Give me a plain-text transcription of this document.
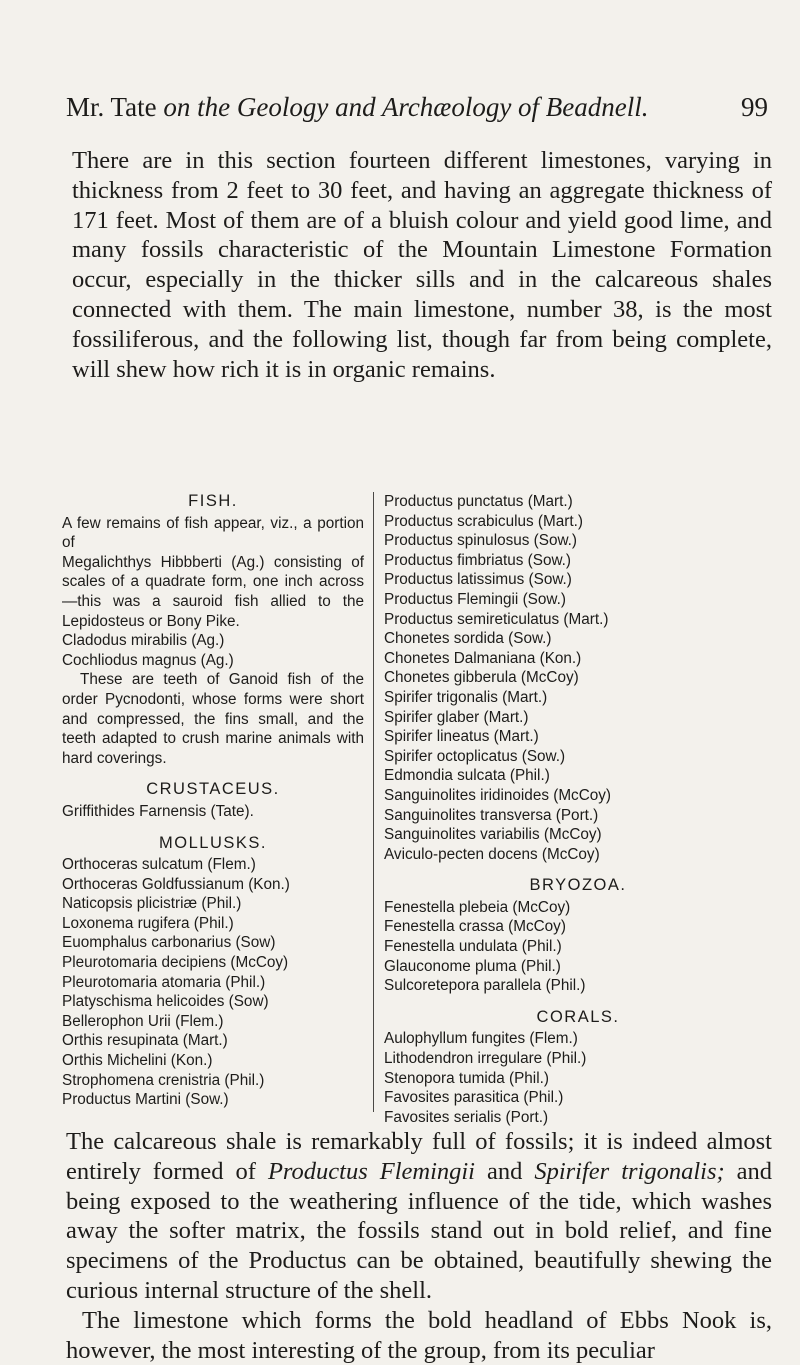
Mr. Tate on the Geology and Archæology of Beadnell.	99

There are in this section fourteen different limestones, varying in thickness from 2 feet to 30 feet, and having an aggregate thickness of 171 feet. Most of them are of a bluish colour and yield good lime, and many fossils characteristic of the Mountain Limestone Formation occur, especially in the thicker sills and in the calcareous shales connected with them. The main limestone, number 38, is the most fossiliferous, and the following list, though far from being complete, will shew how rich it is in organic remains.

FISH.

A few remains of fish appear, viz., a portion of

Megalichthys Hibbberti (Ag.) consisting of scales of a quadrate form, one inch across—this was a sauroid fish allied to the Lepidosteus or Bony Pike.

Cladodus mirabilis (Ag.)
Cochliodus magnus (Ag.)

These are teeth of Ganoid fish of the order Pycnodonti, whose forms were short and compressed, the fins small, and the teeth adapted to crush marine animals with hard coverings.

CRUSTACEUS.
Griffithides Farnensis (Tate).
MOLLUSKS.
Orthoceras sulcatum (Flem.)
Orthoceras Goldfussianum (Kon.)
Naticopsis plicistriæ (Phil.)
Loxonema rugifera (Phil.)
Euomphalus carbonarius (Sow)
Pleurotomaria decipiens (McCoy)
Pleurotomaria atomaria (Phil.)
Platyschisma helicoides (Sow)
Bellerophon Urii (Flem.)
Orthis resupinata (Mart.)
Orthis Michelini (Kon.)
Strophomena crenistria (Phil.)
Productus Martini (Sow.)
Productus punctatus (Mart.)
Productus scrabiculus (Mart.)
Productus spinulosus (Sow.)
Productus fimbriatus (Sow.)
Productus latissimus (Sow.)
Productus Flemingii (Sow.)
Productus semireticulatus (Mart.)
Chonetes sordida (Sow.)
Chonetes Dalmaniana (Kon.)
Chonetes gibberula (McCoy)
Spirifer trigonalis (Mart.)
Spirifer glaber (Mart.)
Spirifer lineatus (Mart.)
Spirifer octoplicatus (Sow.)
Edmondia sulcata (Phil.)
Sanguinolites iridinoides (McCoy)
Sanguinolites transversa (Port.)
Sanguinolites variabilis (McCoy)
Aviculo-pecten docens (McCoy)
BRYOZOA.
Fenestella plebeia (McCoy)
Fenestella crassa (McCoy)
Fenestella undulata (Phil.)
Glauconome pluma (Phil.)
Sulcoretepora parallela (Phil.)
CORALS.
Aulophyllum fungites (Flem.)
Lithodendron irregulare (Phil.)
Stenopora tumida (Phil.)
Favosites parasitica (Phil.)
Favosites serialis (Port.)

The calcareous shale is remarkably full of fossils; it is indeed almost entirely formed of Productus Flemingii and Spirifer trigonalis; and being exposed to the weathering influence of the tide, which washes away the softer matrix, the fossils stand out in bold relief, and fine specimens of the Productus can be obtained, beautifully shewing the curious internal structure of the shell.

The limestone which forms the bold headland of Ebbs Nook is, however, the most interesting of the group, from its peculiar
